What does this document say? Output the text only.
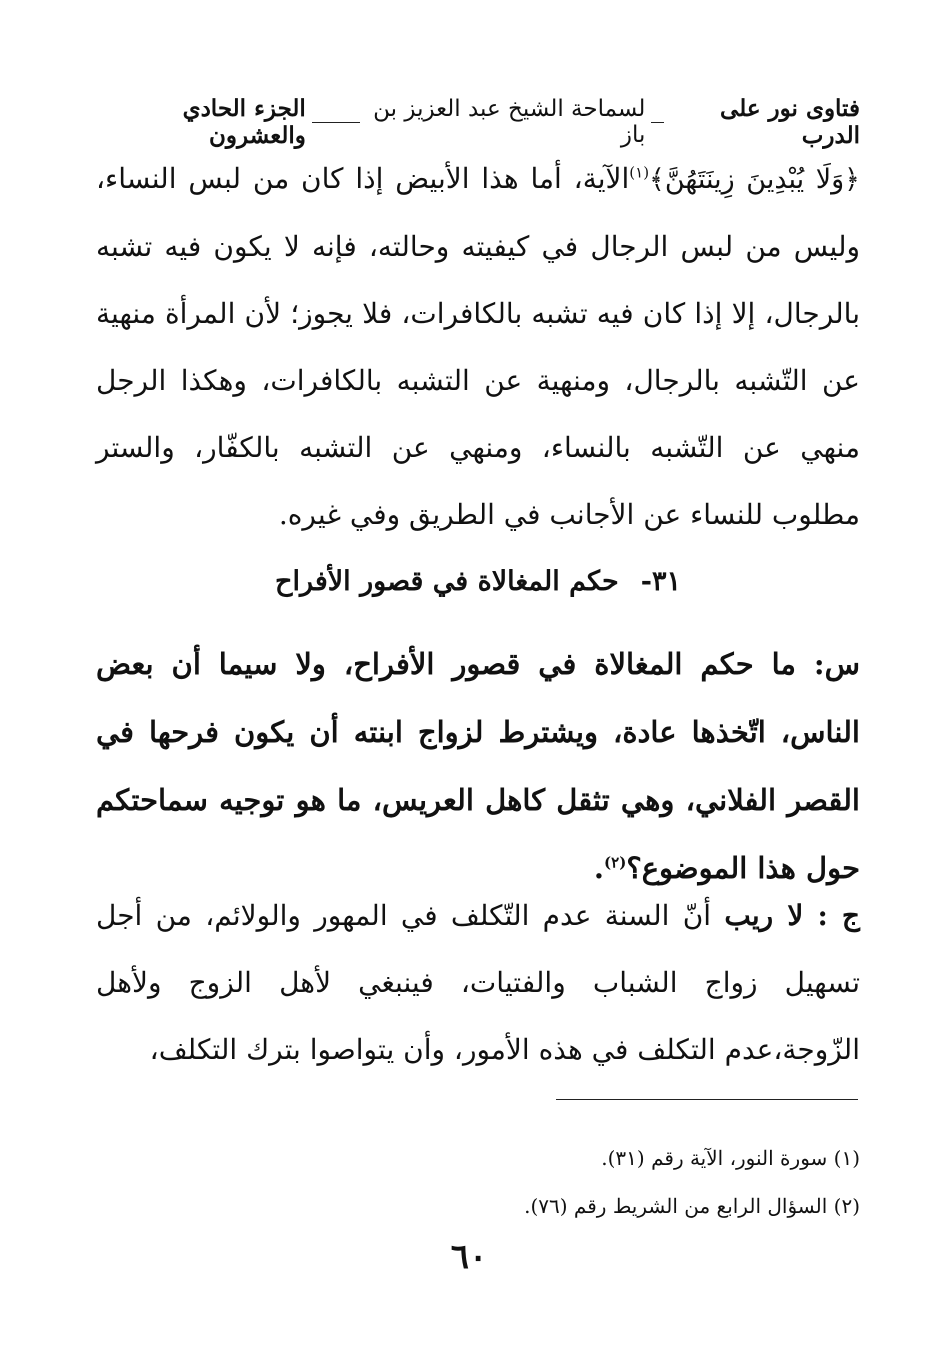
فتاوى نور على الدرب
لسماحة الشيخ عبد العزيز بن باز
الجزء الحادي والعشرون
﴿وَلَا يُبْدِينَ زِينَتَهُنَّ﴾$^{(١)}$الآية، أما هذا الأبيض إذا كان من لبس النساء، وليس من لبس الرجال في كيفيته وحالته، فإنه لا يكون فيه تشبه بالرجال، إلا إذا كان فيه تشبه بالكافرات، فلا يجوز؛ لأن المرأة منهية عن التّشبه بالرجال، ومنهية عن التشبه بالكافرات، وهكذا الرجل منهي عن التّشبه بالنساء، ومنهي عن التشبه بالكفّار، والستر مطلوب للنساء عن الأجانب في الطريق وفي غيره.
٣١-حكم المغالاة في قصور الأفراح
س: ما حكم المغالاة في قصور الأفراح، ولا سيما أن بعض الناس، اتّخذها عادة، ويشترط لزواج ابنته أن يكون فرحها في القصر الفلاني، وهي تثقل كاهل العريس، ما هو توجيه سماحتكم حول هذا الموضوع؟$^{(٢)}$.
ج : لا ريب أنّ السنة عدم التّكلف في المهور والولائم، من أجل تسهيل زواج الشباب والفتيات، فينبغي لأهل الزوج ولأهل الزّوجة،عدم التكلف في هذه الأمور، وأن يتواصوا بترك التكلف،
(١) سورة النور، الآية رقم (٣١).
(٢) السؤال الرابع من الشريط رقم (٧٦).
٦٠
